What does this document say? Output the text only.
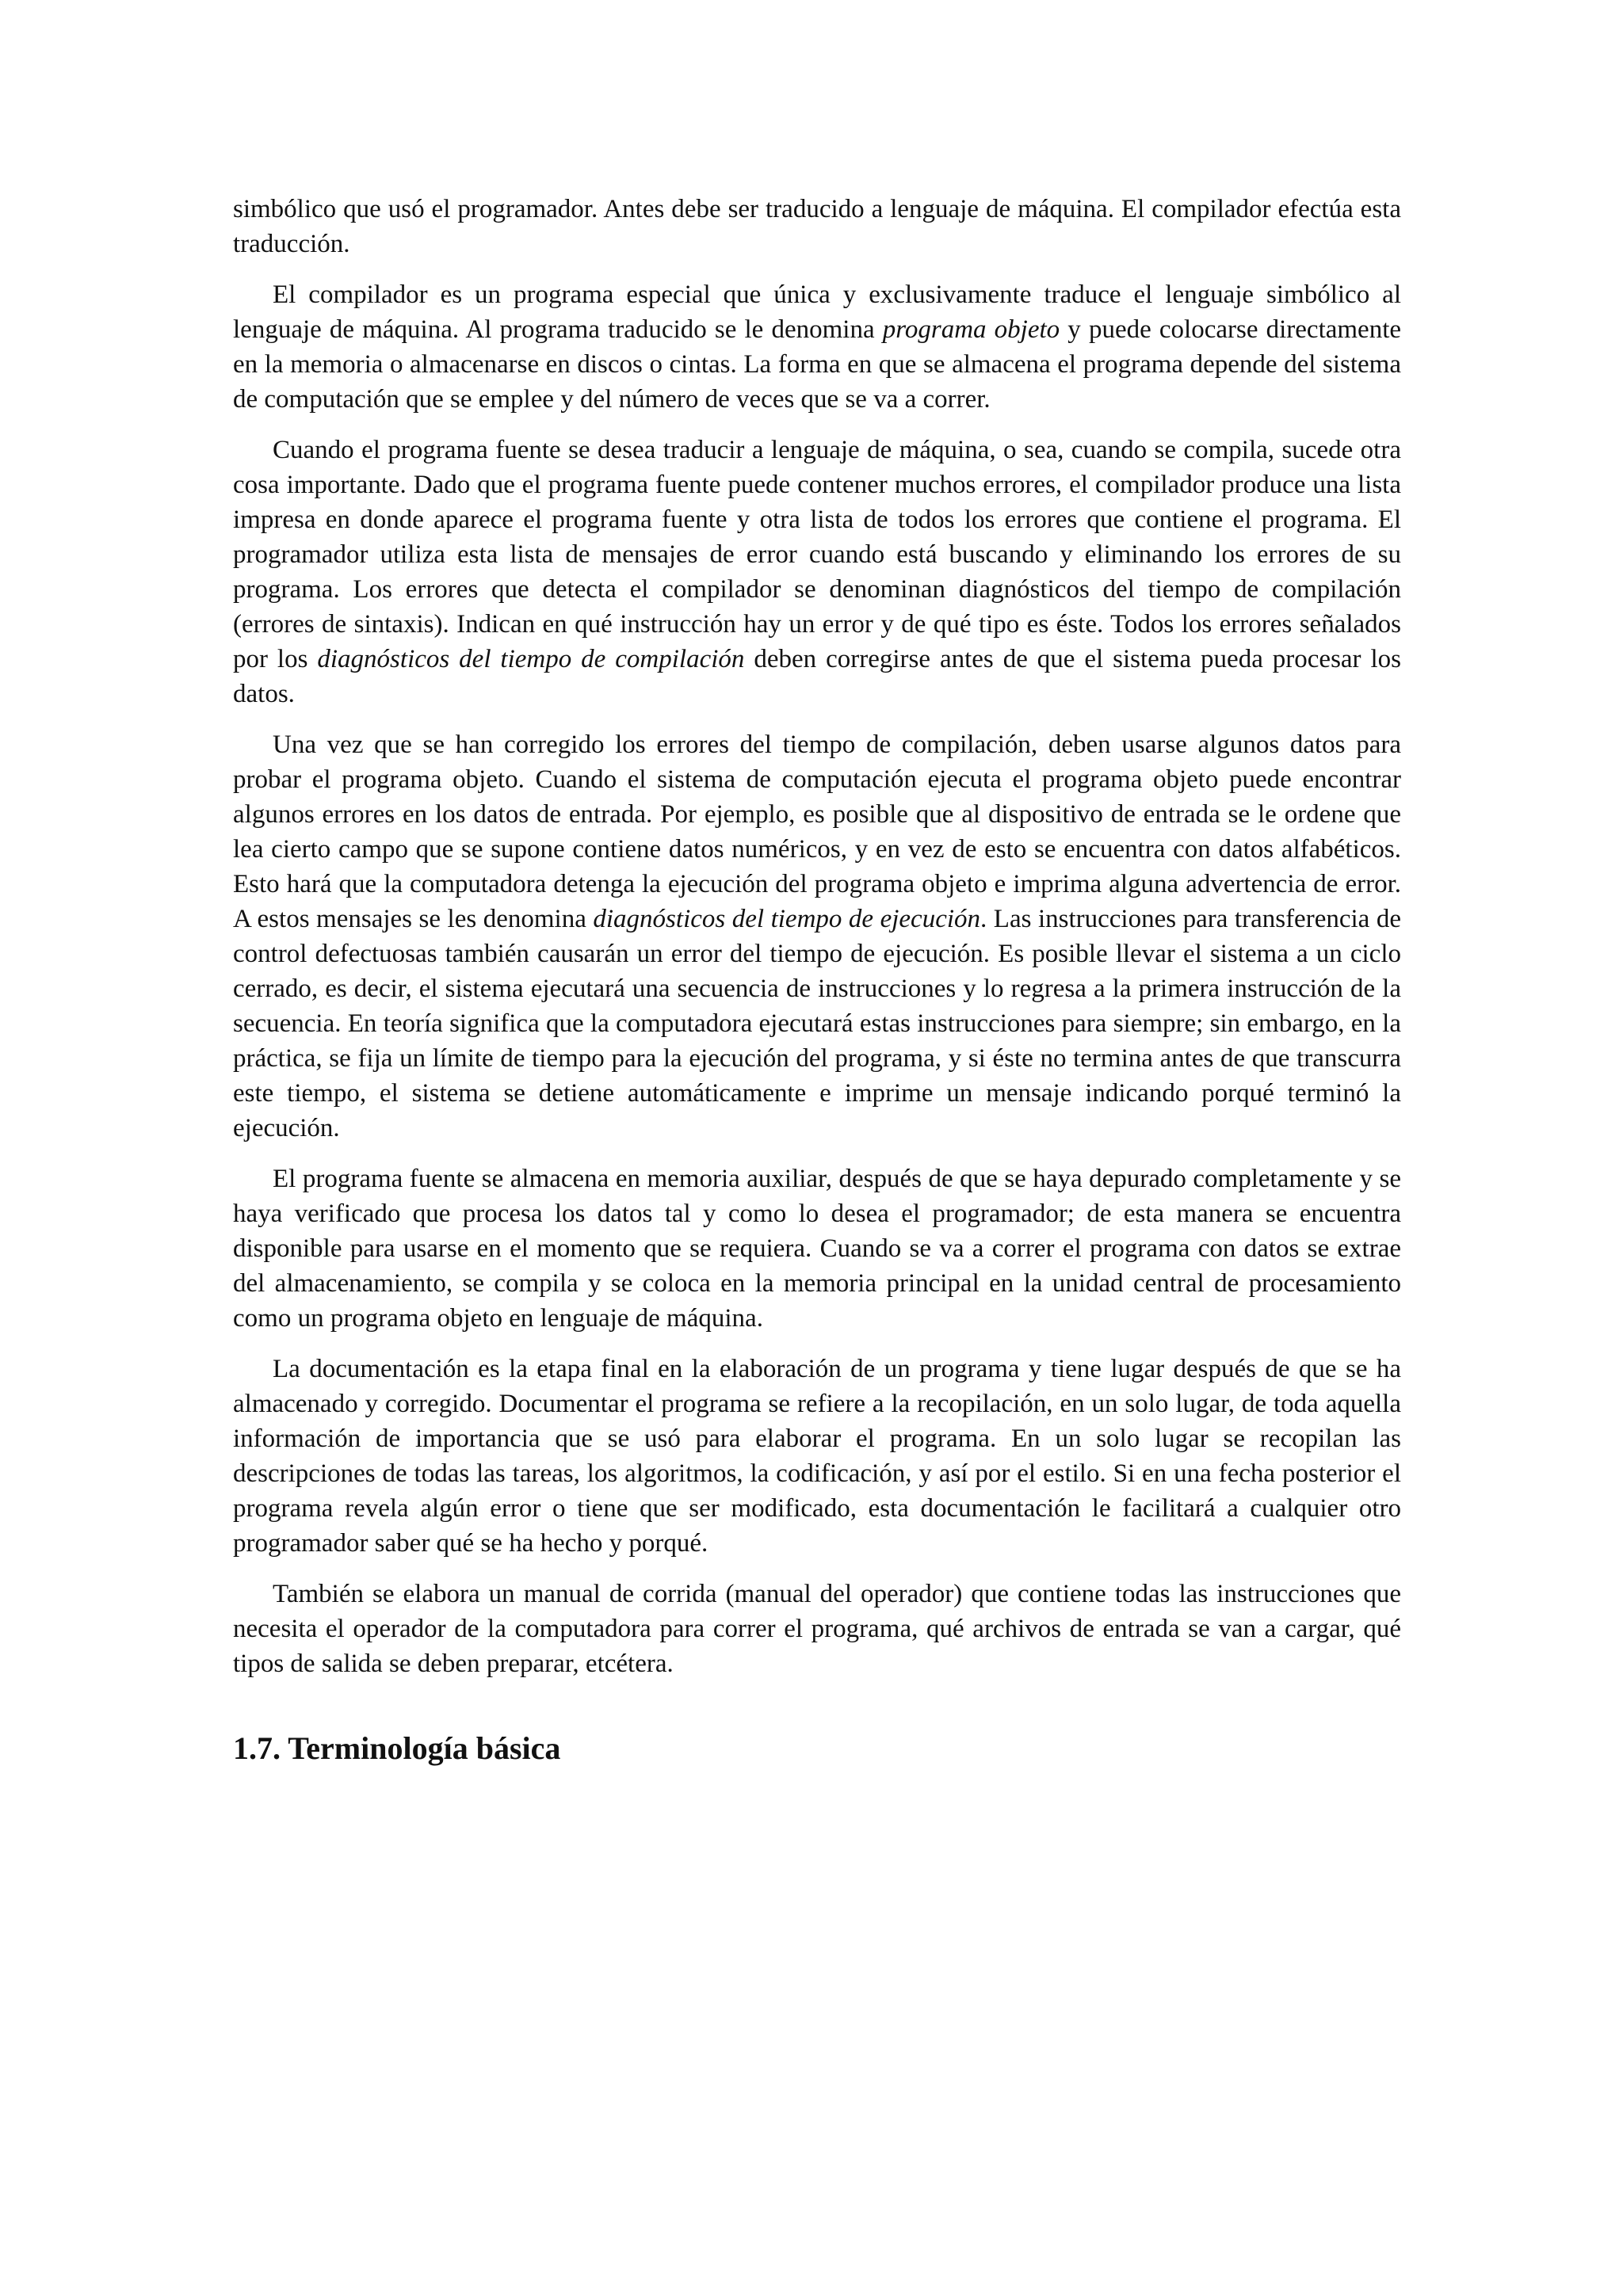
simbólico que usó el programador. Antes debe ser traducido a lenguaje de máquina. El compilador efectúa esta traducción.

El compilador es un programa especial que única y exclusivamente traduce el lenguaje simbólico al lenguaje de máquina. Al programa traducido se le denomina programa objeto y puede colocarse directamente en la memoria o almacenarse en discos o cintas. La forma en que se almacena el programa depende del sistema de computación que se emplee y del número de veces que se va a correr.

Cuando el programa fuente se desea traducir a lenguaje de máquina, o sea, cuando se compila, sucede otra cosa importante. Dado que el programa fuente puede contener muchos errores, el compilador produce una lista impresa en donde aparece el programa fuente y otra lista de todos los errores que contiene el programa. El programador utiliza esta lista de mensajes de error cuando está buscando y eliminando los errores de su programa. Los errores que detecta el compilador se denominan diagnósticos del tiempo de compilación (errores de sintaxis). Indican en qué instrucción hay un error y de qué tipo es éste. Todos los errores señalados por los diagnósticos del tiempo de compilación deben corregirse antes de que el sistema pueda procesar los datos.

Una vez que se han corregido los errores del tiempo de compilación, deben usarse algunos datos para probar el programa objeto. Cuando el sistema de computación ejecuta el programa objeto puede encontrar algunos errores en los datos de entrada. Por ejemplo, es posible que al dispositivo de entrada se le ordene que lea cierto campo que se supone contiene datos numéricos, y en vez de esto se encuentra con datos alfabéticos. Esto hará que la computadora detenga la ejecución del programa objeto e imprima alguna advertencia de error. A estos mensajes se les denomina diagnósticos del tiempo de ejecución. Las instrucciones para transferencia de control defectuosas también causarán un error del tiempo de ejecución. Es posible llevar el sistema a un ciclo cerrado, es decir, el sistema ejecutará una secuencia de instrucciones y lo regresa a la primera instrucción de la secuencia. En teoría significa que la computadora ejecutará estas instrucciones para siempre; sin embargo, en la práctica, se fija un límite de tiempo para la ejecución del programa, y si éste no termina antes de que transcurra este tiempo, el sistema se detiene automáticamente e imprime un mensaje indicando porqué terminó la ejecución.

El programa fuente se almacena en memoria auxiliar, después de que se haya depurado completamente y se haya verificado que procesa los datos tal y como lo desea el programador; de esta manera se encuentra disponible para usarse en el momento que se requiera. Cuando se va a correr el programa con datos se extrae del almacenamiento, se compila y se coloca en la memoria principal en la unidad central de procesamiento como un programa objeto en lenguaje de máquina.

La documentación es la etapa final en la elaboración de un programa y tiene lugar después de que se ha almacenado y corregido. Documentar el programa se refiere a la recopilación, en un solo lugar, de toda aquella información de importancia que se usó para elaborar el programa. En un solo lugar se recopilan las descripciones de todas las tareas, los algoritmos, la codificación, y así por el estilo. Si en una fecha posterior el programa revela algún error o tiene que ser modificado, esta documentación le facilitará a cualquier otro programador saber qué se ha hecho y porqué.

También se elabora un manual de corrida (manual del operador) que contiene todas las instrucciones que necesita el operador de la computadora para correr el programa, qué archivos de entrada se van a cargar, qué tipos de salida se deben preparar, etcétera.

1.7. Terminología básica
